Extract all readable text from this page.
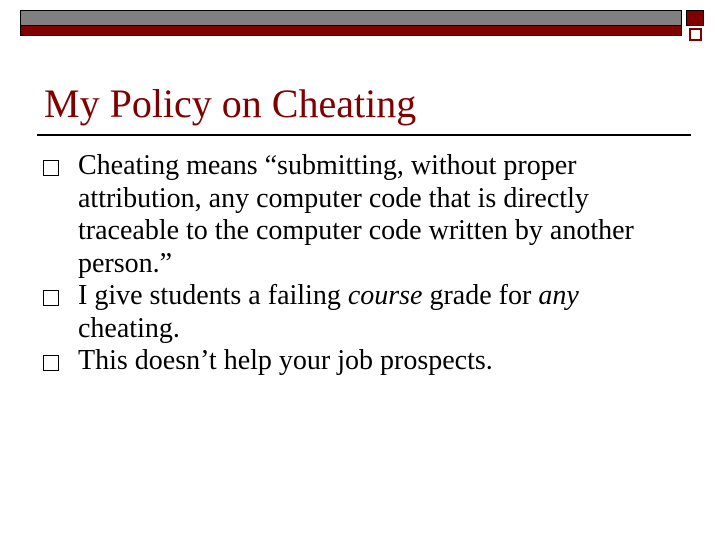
My Policy on Cheating
Cheating means “submitting, without proper attribution, any computer code that is directly traceable to the computer code written by another person.”
I give students a failing course grade for any cheating.
This doesn’t help your job prospects.
